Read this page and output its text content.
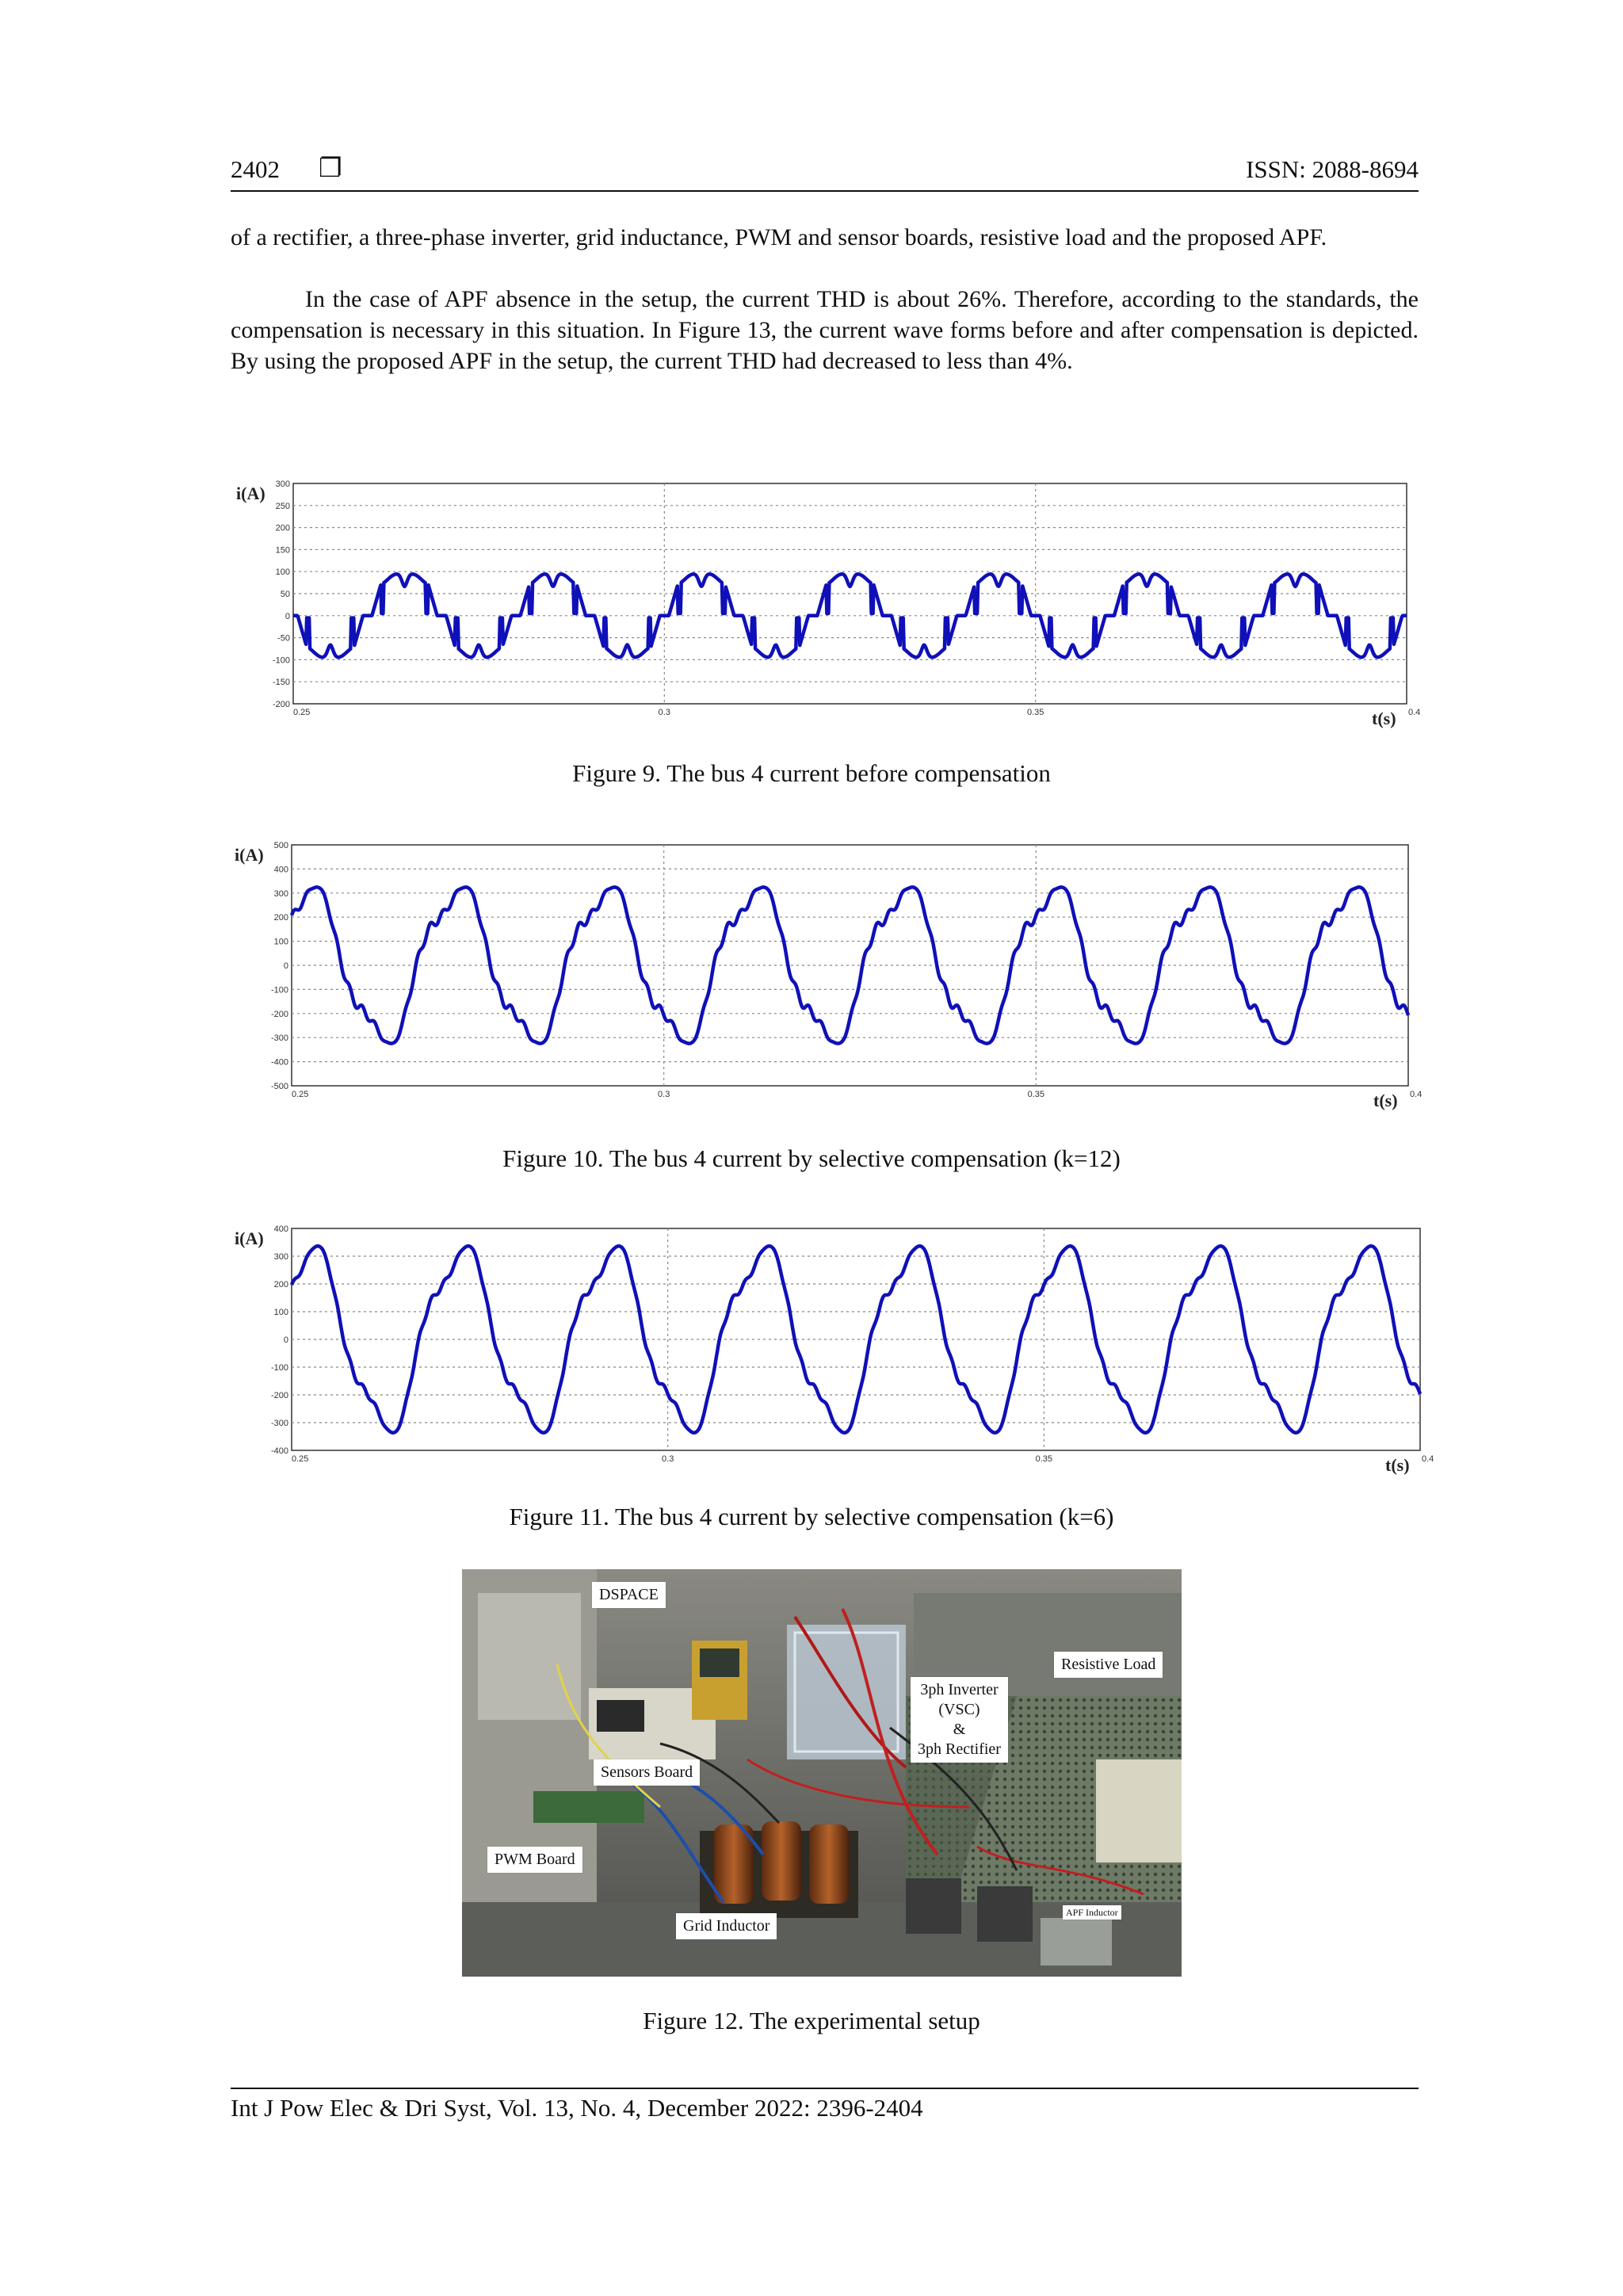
2402 ❐	ISSN: 2088-8694

of a rectifier, a three-phase inverter, grid inductance, PWM and sensor boards, resistive load and the proposed APF.

In the case of APF absence in the setup, the current THD is about 26%. Therefore, according to the standards, the compensation is necessary in this situation. In Figure 13, the current wave forms before and after compensation is depicted. By using the proposed APF in the setup, the current THD had decreased to less than 4%.

300
250
200
150
100
50
0
-50
-100
-150
-200
0.25	0.3	0.35	0.4
i(A)
t(s)
Figure 9. The bus 4 current before compensation
500
400
300
200
100
0
-100
-200
-300
-400
-500
0.25	0.3	0.35	0.4
i(A)
t(s)
Figure 10. The bus 4 current by selective compensation (k=12)
400
300
200
100
0
-100
-200
-300
-400
0.25	0.3	0.35	0.4
i(A)
t(s)
Figure 11. The bus 4 current by selective compensation (k=6)
DSPACE
Resistive Load
3ph Inverter
(VSC)
&
3ph Rectifier
Sensors Board
PWM Board
Grid Inductor
APF Inductor
Figure 12. The experimental setup
Int J Pow Elec & Dri Syst, Vol. 13, No. 4, December 2022: 2396-2404
